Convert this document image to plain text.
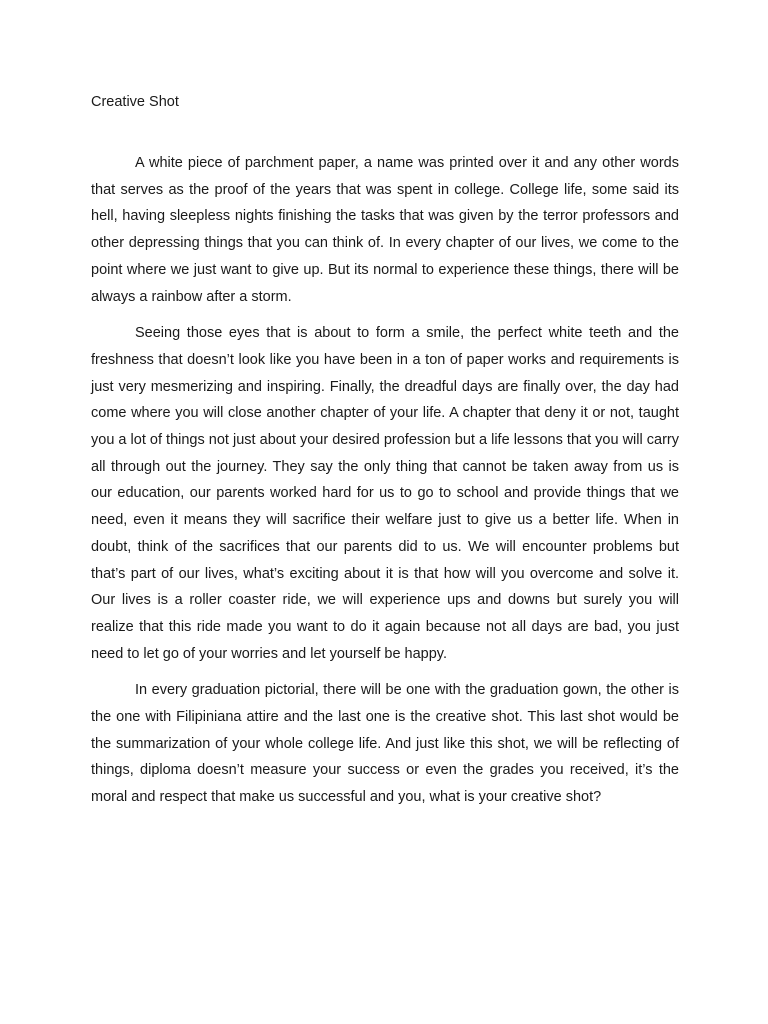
Creative Shot

A white piece of parchment paper, a name was printed over it and any other words that serves as the proof of the years that was spent in college. College life, some said its hell, having sleepless nights finishing the tasks that was given by the terror professors and other depressing things that you can think of. In every chapter of our lives, we come to the point where we just want to give up. But its normal to experience these things, there will be always a rainbow after a storm.

Seeing those eyes that is about to form a smile, the perfect white teeth and the freshness that doesn’t look like you have been in a ton of paper works and requirements is just very mesmerizing and inspiring. Finally, the dreadful days are finally over, the day had come where you will close another chapter of your life. A chapter that deny it or not, taught you a lot of things not just about your desired profession but a life lessons that you will carry all through out the journey. They say the only thing that cannot be taken away from us is our education, our parents worked hard for us to go to school and provide things that we need, even it means they will sacrifice their welfare just to give us a better life. When in doubt, think of the sacrifices that our parents did to us. We will encounter problems but that’s part of our lives, what’s exciting about it is that how will you overcome and solve it. Our lives is a roller coaster ride, we will experience ups and downs but surely you will realize that this ride made you want to do it again because not all days are bad, you just need to let go of your worries and let yourself be happy.

In every graduation pictorial, there will be one with the graduation gown, the other is the one with Filipiniana attire and the last one is the creative shot. This last shot would be the summarization of your whole college life. And just like this shot, we will be reflecting of things, diploma doesn’t measure your success or even the grades you received, it’s the moral and respect that make us successful and you, what is your creative shot?
